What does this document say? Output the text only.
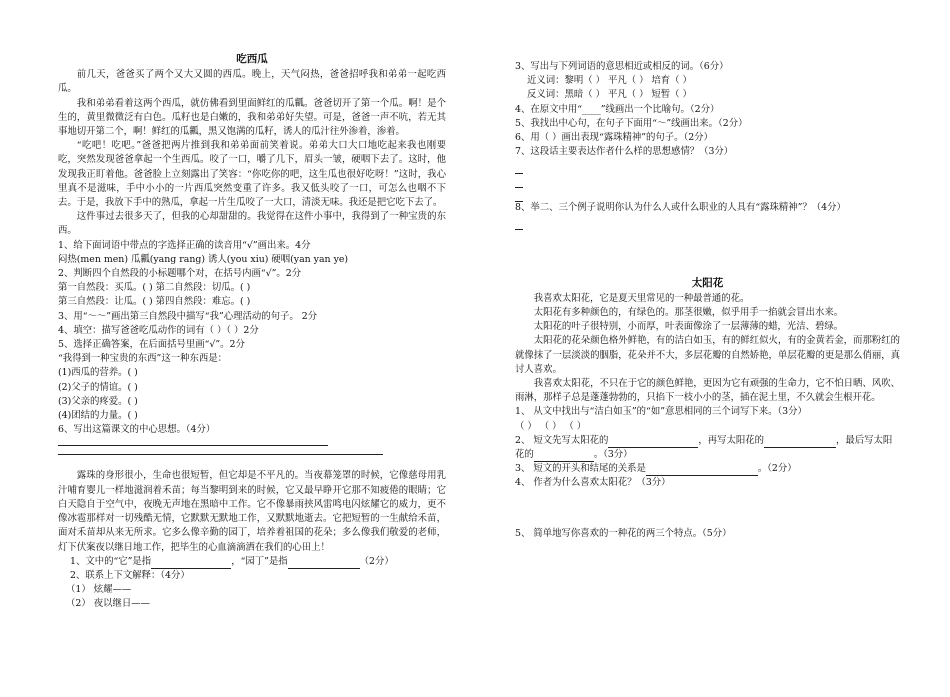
吃西瓜

前几天，爸爸买了两个又大又圆的西瓜。晚上，天气闷热，爸爸招呼我和弟弟一起吃西瓜。

我和弟弟看着这两个西瓜，就仿佛看到里面鲜红的瓜瓤。爸爸切开了第一个瓜。啊！是个生的，黄里微微泛有白色。瓜籽也是白嫩的，我和弟弟好失望。可是，爸爸一声不吭，若无其事地切开第二个，啊！鲜红的瓜瓤，黑又饱满的瓜籽，诱人的瓜汁往外渗着，渗着。

“吃吧！吃吧。”爸爸把两片推到我和弟弟面前笑着说。弟弟大口大口地吃起来我也刚要吃，突然发现爸爸拿起一个生西瓜。咬了一口，嚼了几下，眉头一皱，硬咽下去了。这时，他发现我正盯着他。爸爸脸上立刻露出了笑容：“你吃你的吧，这生瓜也很好吃呀！”这时，我心里真不是滋味，手中小小的一片西瓜突然变重了许多。我又低头咬了一口，可怎么也咽不下去。于是，我放下手中的熟瓜，拿起一片生瓜咬了一大口，清淡无味。我还是把它吃下去了。

这件事过去很多天了，但我的心却甜甜的。我觉得在这件小事中，我得到了一种宝贵的东西。

1、给下面词语中带点的字选择正确的读音用“√”画出来。4分

闷热(men men) 瓜瓤(yang rang) 诱人(you xiu) 硬咽(yan yan ye)

2、判断四个自然段的小标题哪个对，在括号内画“√”。2分

第一自然段：买瓜。( ) 第二自然段：切瓜。( )

第三自然段：让瓜。( ) 第四自然段：难忘。( )

3、用“～～”画出第三自然段中描写“我”心理活动的句子。 2分

4、填空：描写爸爸吃瓜动作的词有（ ）（ ）2分

5、选择正确答案，在后面括号里画“√”。2分

“我得到一种宝贵的东西”这一种东西是：

(1)西瓜的营养。( )

(2)父子的情谊。( )

(3)父亲的疼爱。( )

(4)团结的力量。( )

6、写出这篇课文的中心思想。（4分）

露珠的身形很小，生命也很短暂，但它却是不平凡的。当夜幕笼罩的时候，它像慈母用乳汁哺育婴儿一样地滋润着禾苗；每当黎明到来的时候，它又最早睁开它那不知疲倦的眼睛；它白天隐自于空气中，夜晚无声地在黑暗中工作。它不像暴雨挟风雷鸣电闪炫耀它的威力，更不像冰雹那样对一切残酷无情，它默默无默地工作，又默默地逝去。它把短暂的一生献给禾苗，面对禾苗却从来无所求。它多么像辛勤的园丁，培养着祖国的花朵；多么像我们敬爱的老师，灯下伏案夜以继日地工作，把毕生的心血滴滴洒在我们的心田上！

1、文中的“它”是指	，“园丁”是指	（2分）

2、联系上下文解释：（4分）

（1） 炫耀——

（2） 夜以继日——

3、写出与下列词语的意思相近或相反的词。（6分）

近义词：黎明（ ） 平凡（ ） 培育（ ）

反义词：黑暗（ ） 平凡（ ） 短暂（ ）

4、在原文中用“____”线画出一个比喻句。（2分）

5、我找出中心句，在句子下面用“～”线画出来。（2分）

6、用（ ）画出表现“露珠精神”的句子。（2分）

7、这段话主要表达作者什么样的思想感情？（3分）

8、举二、三个例子说明你认为什么人或什么职业的人具有“露珠精神”？（4分）

太阳花

我喜欢太阳花，它是夏天里常见的一种最普通的花。

太阳花有多种颜色的，有绿色的。那茎很嫩，似乎用手一掐就会冒出水来。

太阳花的叶子很特别，小而厚，叶表面像涂了一层薄薄的蜡，光洁、碧绿。

太阳花的花朵颜色格外鲜艳，有的洁白如玉，有的鲜红似火，有的金黄若金，而那粉红的就像抹了一层淡淡的胭脂，花朵并不大，多层花瓣的自然娇艳，单层花瓣的更是那么俏丽，真讨人喜欢。

我喜欢太阳花，不只在于它的颜色鲜艳，更因为它有顽强的生命力，它不怕日晒、风吹、雨淋，那样子总是蓬蓬勃勃的，只掐下一枝小小的茎，插在泥土里，不久就会生根开花。

1、 从文中找出与“洁白如玉”的“如”意思相同的三个词写下来。（3分）

（ ） （ ） （ ）

2、 短文先写太阳花的	，再写太阳花的	，最后写太阳

花的	。（3分）

3、 短文的开头和结尾的关系是	。（2分）

4、 作者为什么喜欢太阳花？（3分）

5、 简单地写你喜欢的一种花的两三个特点。（5分）
